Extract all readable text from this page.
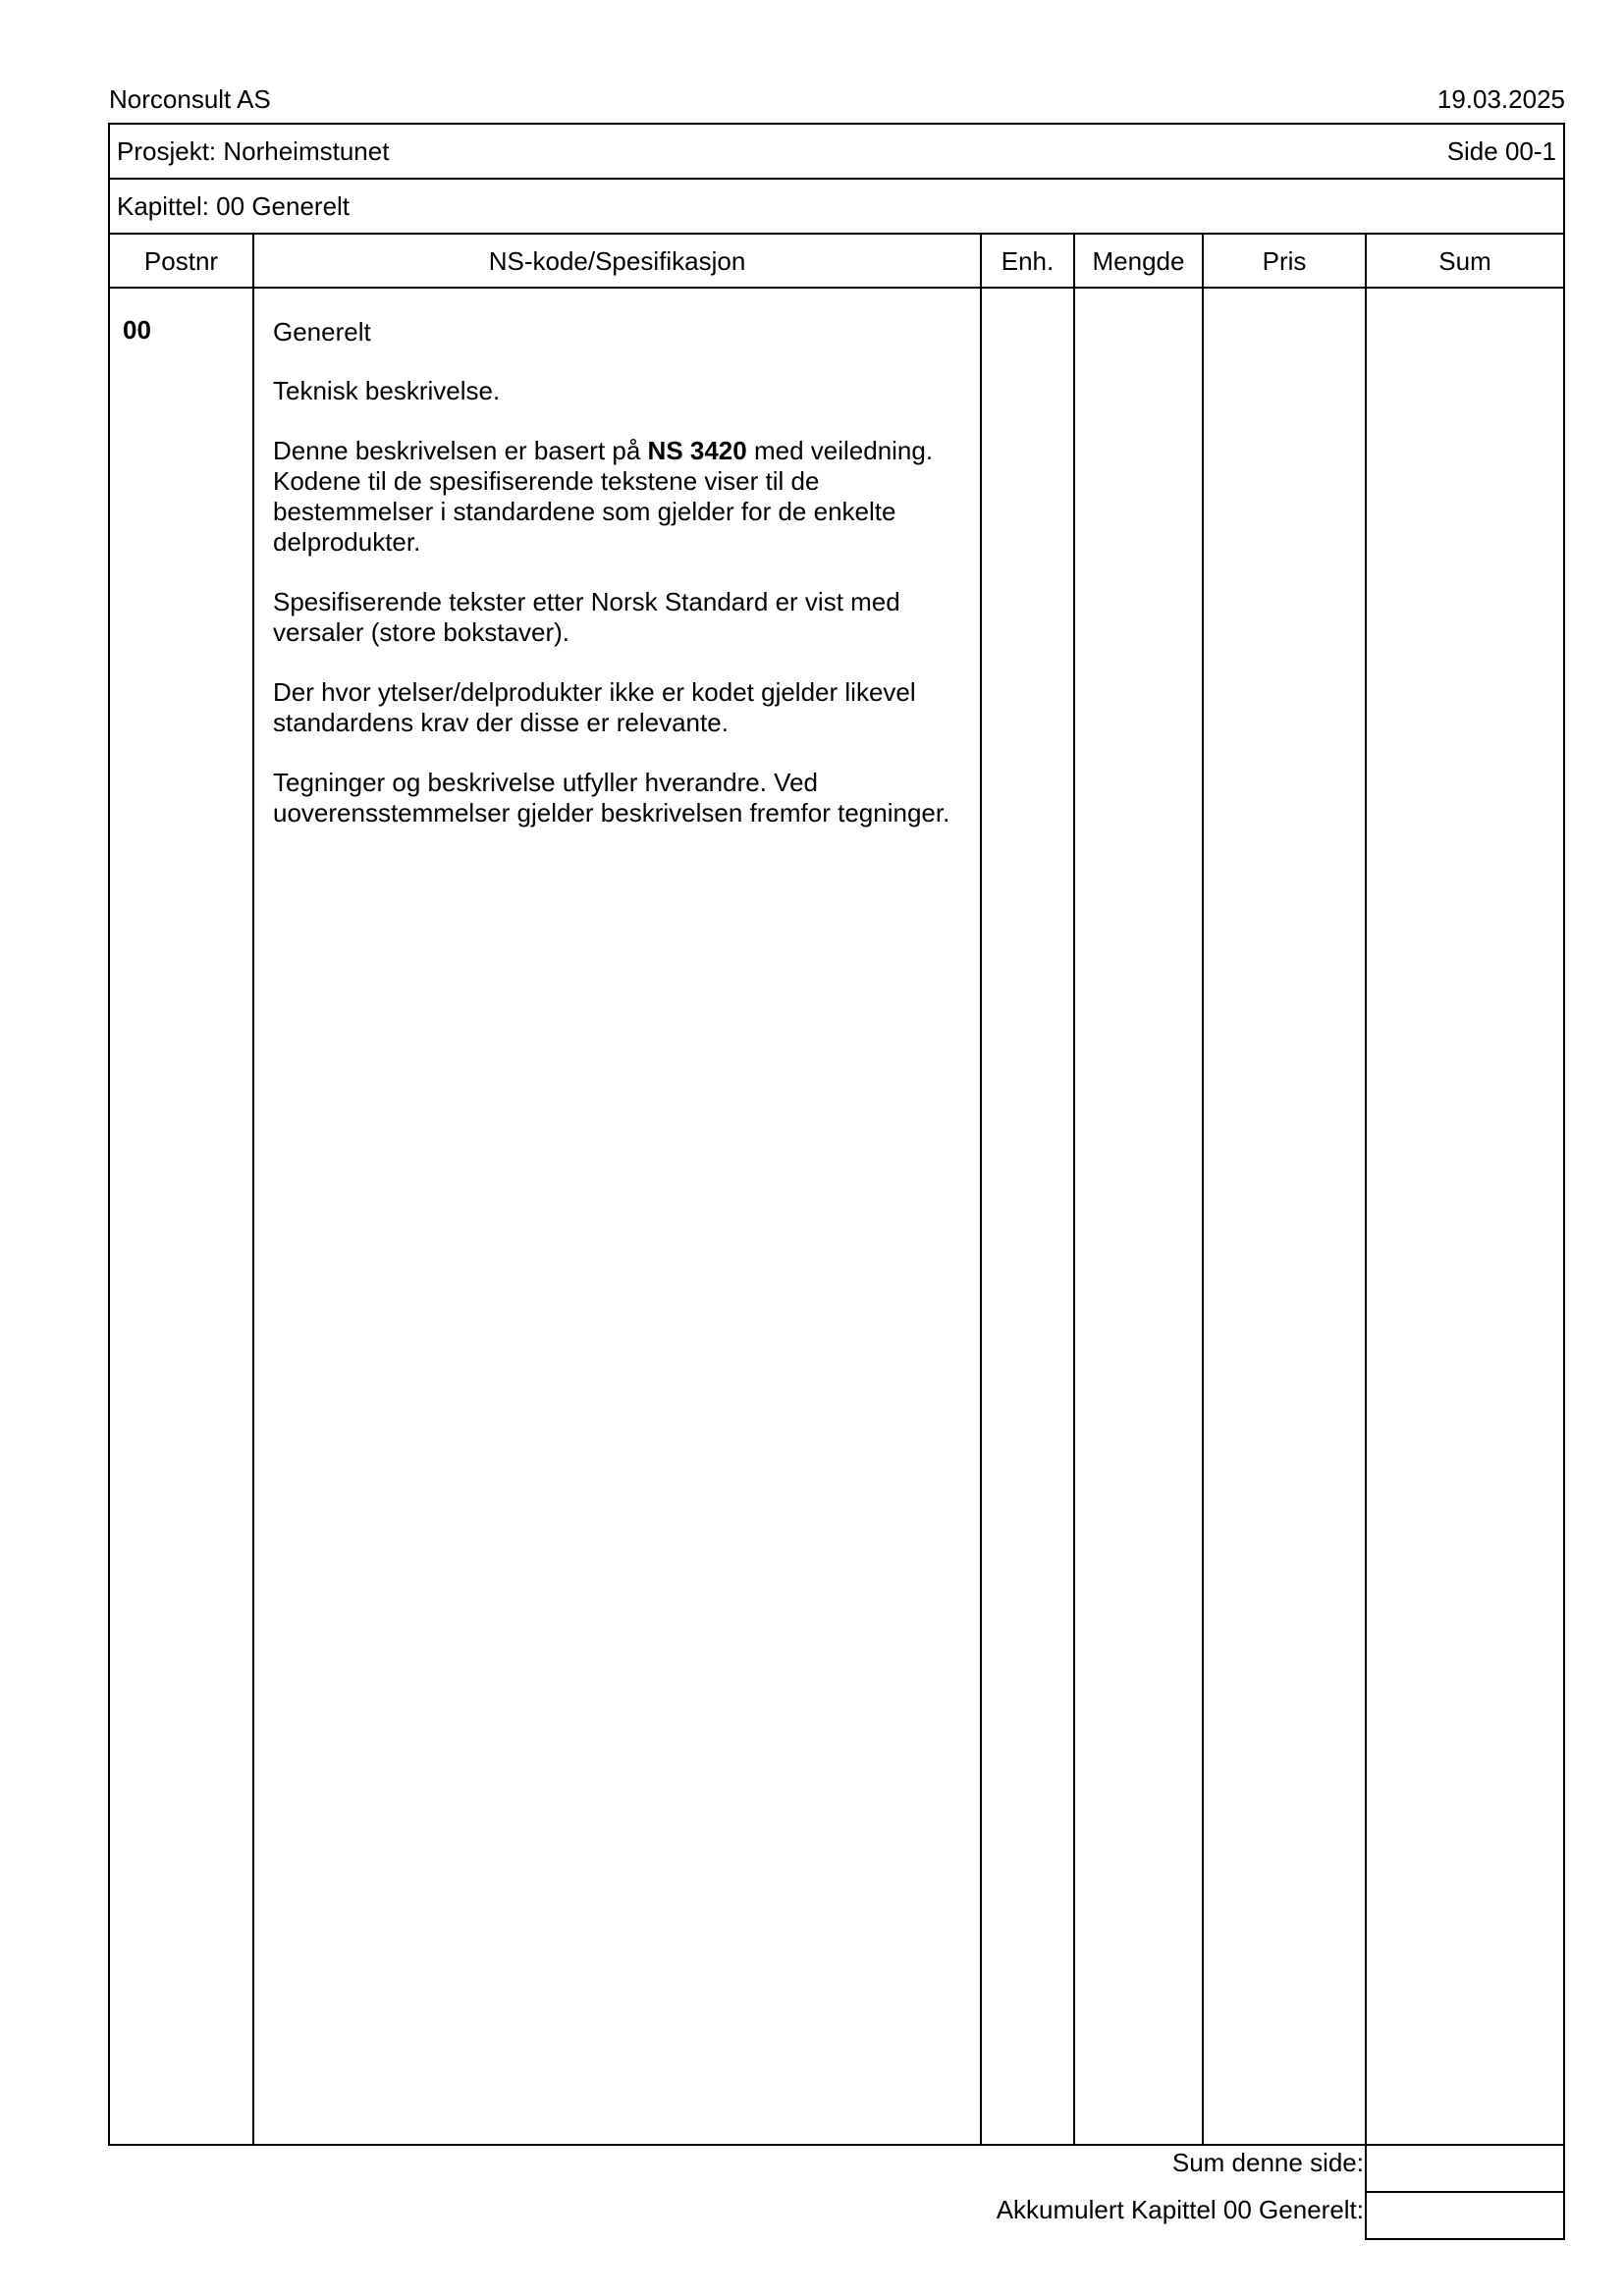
Norconsult AS	19.03.2025
Prosjekt: Norheimstunet	Side 00-1
Kapittel: 00 Generelt
Postnr	NS-kode/Spesifikasjon	Enh.	Mengde	Pris	Sum
00	Generelt
Teknisk beskrivelse.
Denne beskrivelsen er basert på NS 3420 med veiledning. Kodene til de spesifiserende tekstene viser til de bestemmelser i standardene som gjelder for de enkelte delprodukter.
Spesifiserende tekster etter Norsk Standard er vist med versaler (store bokstaver).
Der hvor ytelser/delprodukter ikke er kodet gjelder likevel standardens krav der disse er relevante.
Tegninger og beskrivelse utfyller hverandre. Ved uoverensstemmelser gjelder beskrivelsen fremfor tegninger.
Sum denne side:
Akkumulert Kapittel 00 Generelt:
